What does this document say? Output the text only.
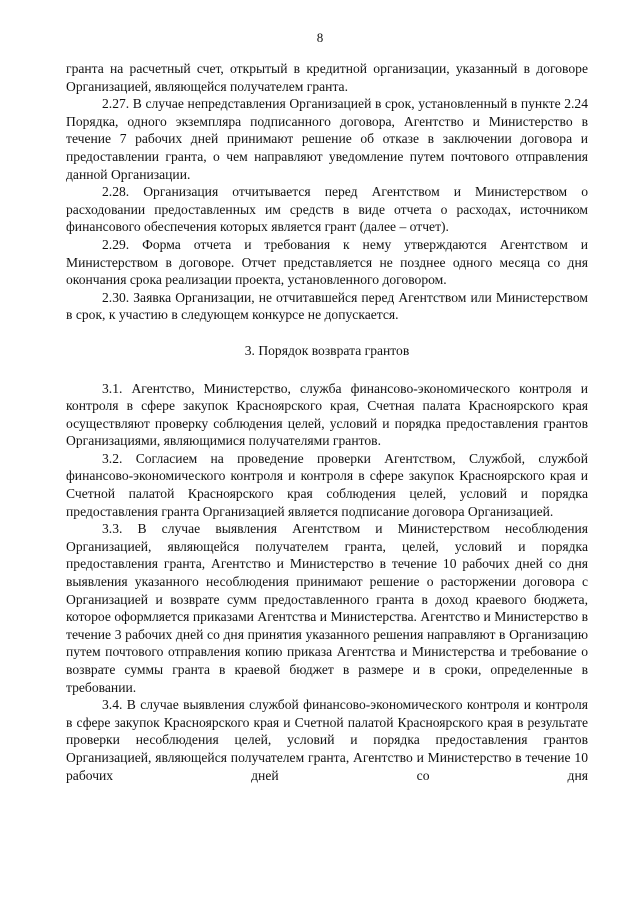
8

гранта на расчетный счет, открытый в кредитной организации, указанный в договоре Организацией, являющейся получателем гранта.

2.27. В случае непредставления Организацией в срок, установленный в пункте 2.24 Порядка, одного экземпляра подписанного договора, Агентство и Министерство в течение 7 рабочих дней принимают решение об отказе в заключении договора и предоставлении гранта, о чем направляют уведомление путем почтового отправления данной Организации.

2.28. Организация отчитывается перед Агентством и Министерством о расходовании предоставленных им средств в виде отчета о расходах, источником финансового обеспечения которых является грант (далее – отчет).

2.29. Форма отчета и требования к нему утверждаются Агентством и Министерством в договоре. Отчет представляется не позднее одного месяца со дня окончания срока реализации проекта, установленного договором.

2.30. Заявка Организации, не отчитавшейся перед Агентством или Министерством в срок, к участию в следующем конкурсе не допускается.

3. Порядок возврата грантов

3.1. Агентство, Министерство, служба финансово-экономического контроля и контроля в сфере закупок Красноярского края, Счетная палата Красноярского края осуществляют проверку соблюдения целей, условий и порядка предоставления грантов Организациями, являющимися получателями грантов.

3.2. Согласием на проведение проверки Агентством, Службой, службой финансово-экономического контроля и контроля в сфере закупок Красноярского края и Счетной палатой Красноярского края соблюдения целей, условий и порядка предоставления гранта Организацией является подписание договора Организацией.

3.3. В случае выявления Агентством и Министерством несоблюдения Организацией, являющейся получателем гранта, целей, условий и порядка предоставления гранта, Агентство и Министерство в течение 10 рабочих дней со дня выявления указанного несоблюдения принимают решение о расторжении договора с Организацией и возврате сумм предоставленного гранта в доход краевого бюджета, которое оформляется приказами Агентства и Министерства. Агентство и Министерство в течение 3 рабочих дней со дня принятия указанного решения направляют в Организацию путем почтового отправления копию приказа Агентства и Министерства и требование о возврате суммы гранта в краевой бюджет в размере и в сроки, определенные в требовании.

3.4. В случае выявления службой финансово-экономического контроля и контроля в сфере закупок Красноярского края и Счетной палатой Красноярского края в результате проверки несоблюдения целей, условий и порядка предоставления грантов Организацией, являющейся получателем гранта, Агентство и Министерство в течение 10 рабочих дней со дня
